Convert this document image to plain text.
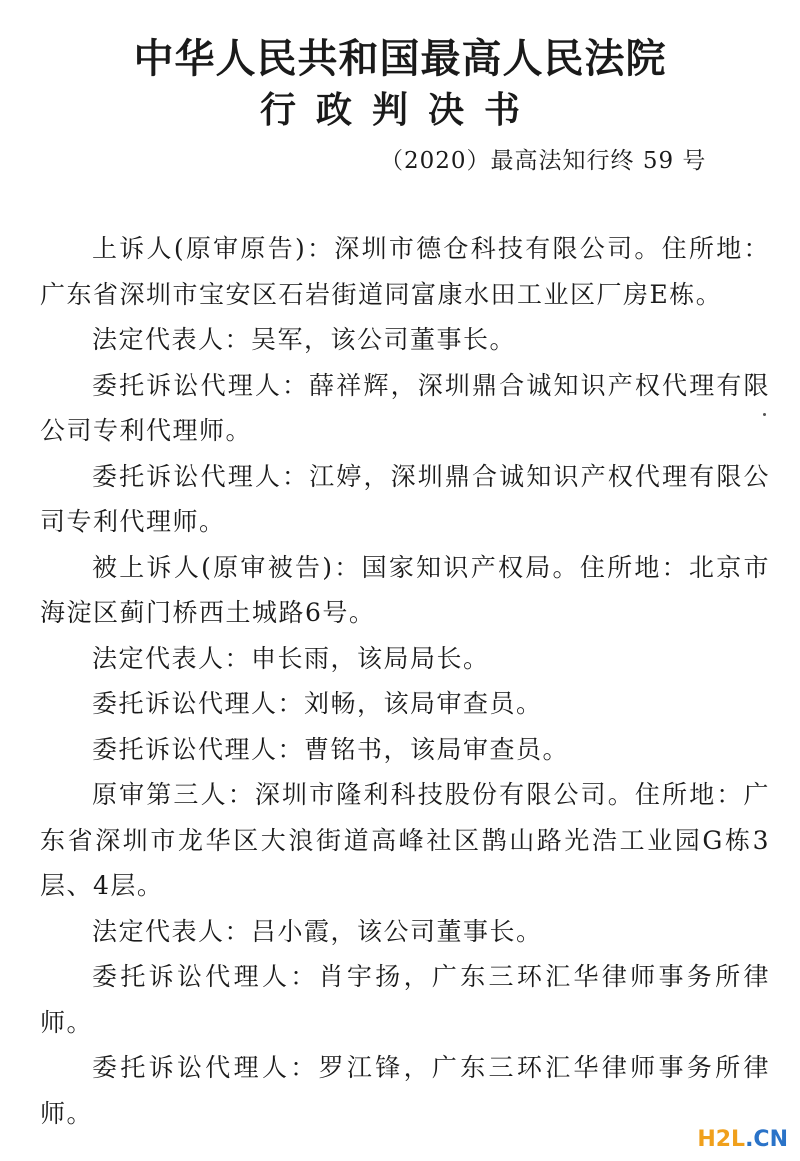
中华人民共和国最高人民法院
行政判决书
（2020）最高法知行终 59 号

上诉人(原审原告)：深圳市德仓科技有限公司。住所地：广东省深圳市宝安区石岩街道同富康水田工业区厂房E栋。

法定代表人：吴军，该公司董事长。

委托诉讼代理人：薛祥辉，深圳鼎合诚知识产权代理有限公司专利代理师。

委托诉讼代理人：江婷，深圳鼎合诚知识产权代理有限公司专利代理师。

被上诉人(原审被告)：国家知识产权局。住所地：北京市海淀区蓟门桥西土城路6号。

法定代表人：申长雨，该局局长。

委托诉讼代理人：刘畅，该局审查员。

委托诉讼代理人：曹铭书，该局审查员。

原审第三人：深圳市隆利科技股份有限公司。住所地：广东省深圳市龙华区大浪街道高峰社区鹊山路光浩工业园G栋3层、4层。

法定代表人：吕小霞，该公司董事长。

委托诉讼代理人：肖宇扬，广东三环汇华律师事务所律师。

委托诉讼代理人：罗江锋，广东三环汇华律师事务所律师。

H2L.CN
